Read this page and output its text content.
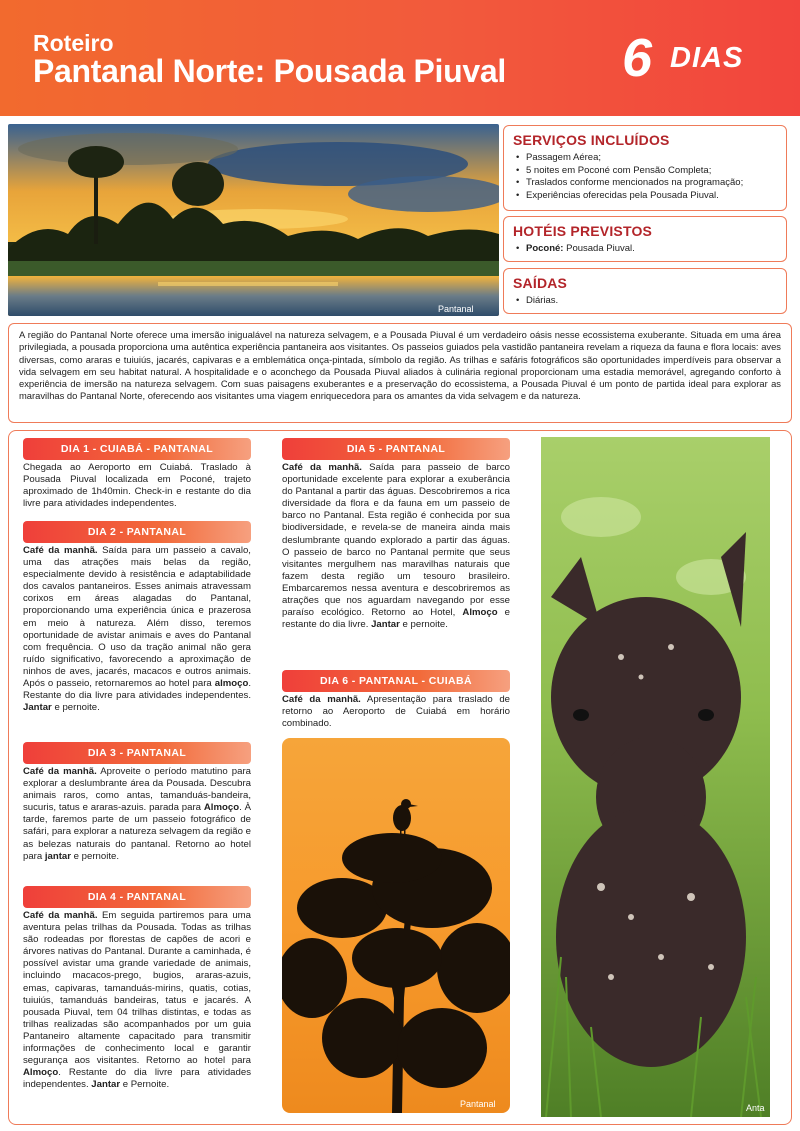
Roteiro
Pantanal Norte: Pousada Piuval 6 DIAS
Pantanal
SERVIÇOS INCLUÍDOS
• Passagem Aérea;
• 5 noites em Poconé com Pensão Completa;
• Traslados conforme mencionados na programação;
• Experiências oferecidas pela Pousada Piuval.
HOTÉIS PREVISTOS
• Poconé: Pousada Piuval.
SAÍDAS
• Diárias.
A região do Pantanal Norte oferece uma imersão inigualável na natureza selvagem, e a Pousada Piuval é um verdadeiro oásis nesse ecossistema exuberante. Situada em uma área privilegiada, a pousada proporciona uma autêntica experiência pantaneira aos visitantes. Os passeios guiados pela vastidão pantaneira revelam a riqueza da fauna e flora locais: aves diversas, como araras e tuiuiús, jacarés, capivaras e a emblemática onça-pintada, símbolo da região. As trilhas e safáris fotográficos são oportunidades imperdíveis para observar a vida selvagem em seu habitat natural. A hospitalidade e o aconchego da Pousada Piuval aliados à culinária regional proporcionam uma estadia memorável, agregando conforto à experiência de imersão na natureza selvagem. Com suas paisagens exuberantes e a preservação do ecossistema, a Pousada Piuval é um ponto de partida ideal para explorar as maravilhas do Pantanal Norte, oferecendo aos visitantes uma viagem enriquecedora para os amantes da vida selvagem e da natureza.
DIA 1 - CUIABÁ - PANTANAL
Chegada ao Aeroporto em Cuiabá. Traslado à Pousada Piuval localizada em Poconé, trajeto aproximado de 1h40min. Check-in e restante do dia livre para atividades independentes.
DIA 2 - PANTANAL
Café da manhã. Saída para um passeio a cavalo, uma das atrações mais belas da região, especialmente devido à resistência e adaptabilidade dos cavalos pantaneiros. Esses animais atravessam corixos em áreas alagadas do Pantanal, proporcionando uma experiência única e prazerosa em meio à natureza. Além disso, teremos oportunidade de avistar animais e aves do Pantanal com frequência. O uso da tração animal não gera ruído significativo, favorecendo a aproximação de ninhos de aves, jacarés, macacos e outros animais. Após o passeio, retornaremos ao hotel para almoço. Restante do dia livre para atividades independentes. Jantar e pernoite.
DIA 3 - PANTANAL
Café da manhã. Aproveite o período matutino para explorar a deslumbrante área da Pousada. Descubra animais raros, como antas, tamanduás-bandeira, sucuris, tatus e araras-azuis. parada para Almoço. À tarde, faremos parte de um passeio fotográfico de safári, para explorar a natureza selvagem da região e as belezas naturais do pantanal. Retorno ao hotel para jantar e pernoite.
DIA 4 - PANTANAL
Café da manhã. Em seguida partiremos para uma aventura pelas trilhas da Pousada. Todas as trilhas são rodeadas por florestas de capões de acori e árvores nativas do Pantanal. Durante a caminhada, é possível avistar uma grande variedade de animais, incluindo macacos-prego, bugios, araras-azuis, emas, capivaras, tamanduás-mirins, quatis, cotias, tuiuiús, tamanduás bandeiras, tatus e jacarés. A pousada Piuval, tem 04 trilhas distintas, e todas as trilhas realizadas são acompanhados por um guia Pantaneiro altamente capacitado para transmitir informações de conhecimento local e garantir segurança aos visitantes. Retorno ao hotel para Almoço. Restante do dia livre para atividades independentes. Jantar e Pernoite.
DIA 5 - PANTANAL
Café da manhã. Saída para passeio de barco oportunidade excelente para explorar a exuberância do Pantanal a partir das águas. Descobriremos a rica diversidade da flora e da fauna em um passeio de barco no Pantanal. Esta região é conhecida por sua biodiversidade, e revela-se de maneira ainda mais deslumbrante quando explorado a partir das águas. O passeio de barco no Pantanal permite que seus visitantes mergulhem nas maravilhas naturais que fazem desta região um tesouro brasileiro. Embarcaremos nessa aventura e descobriremos as atrações que nos aguardam navegando por esse paraíso ecológico. Retorno ao Hotel, Almoço e restante do dia livre. Jantar e pernoite.
DIA 6 - PANTANAL - CUIABÁ
Café da manhã. Apresentação para traslado de retorno ao Aeroporto de Cuiabá em horário combinado.
Pantanal	Anta
